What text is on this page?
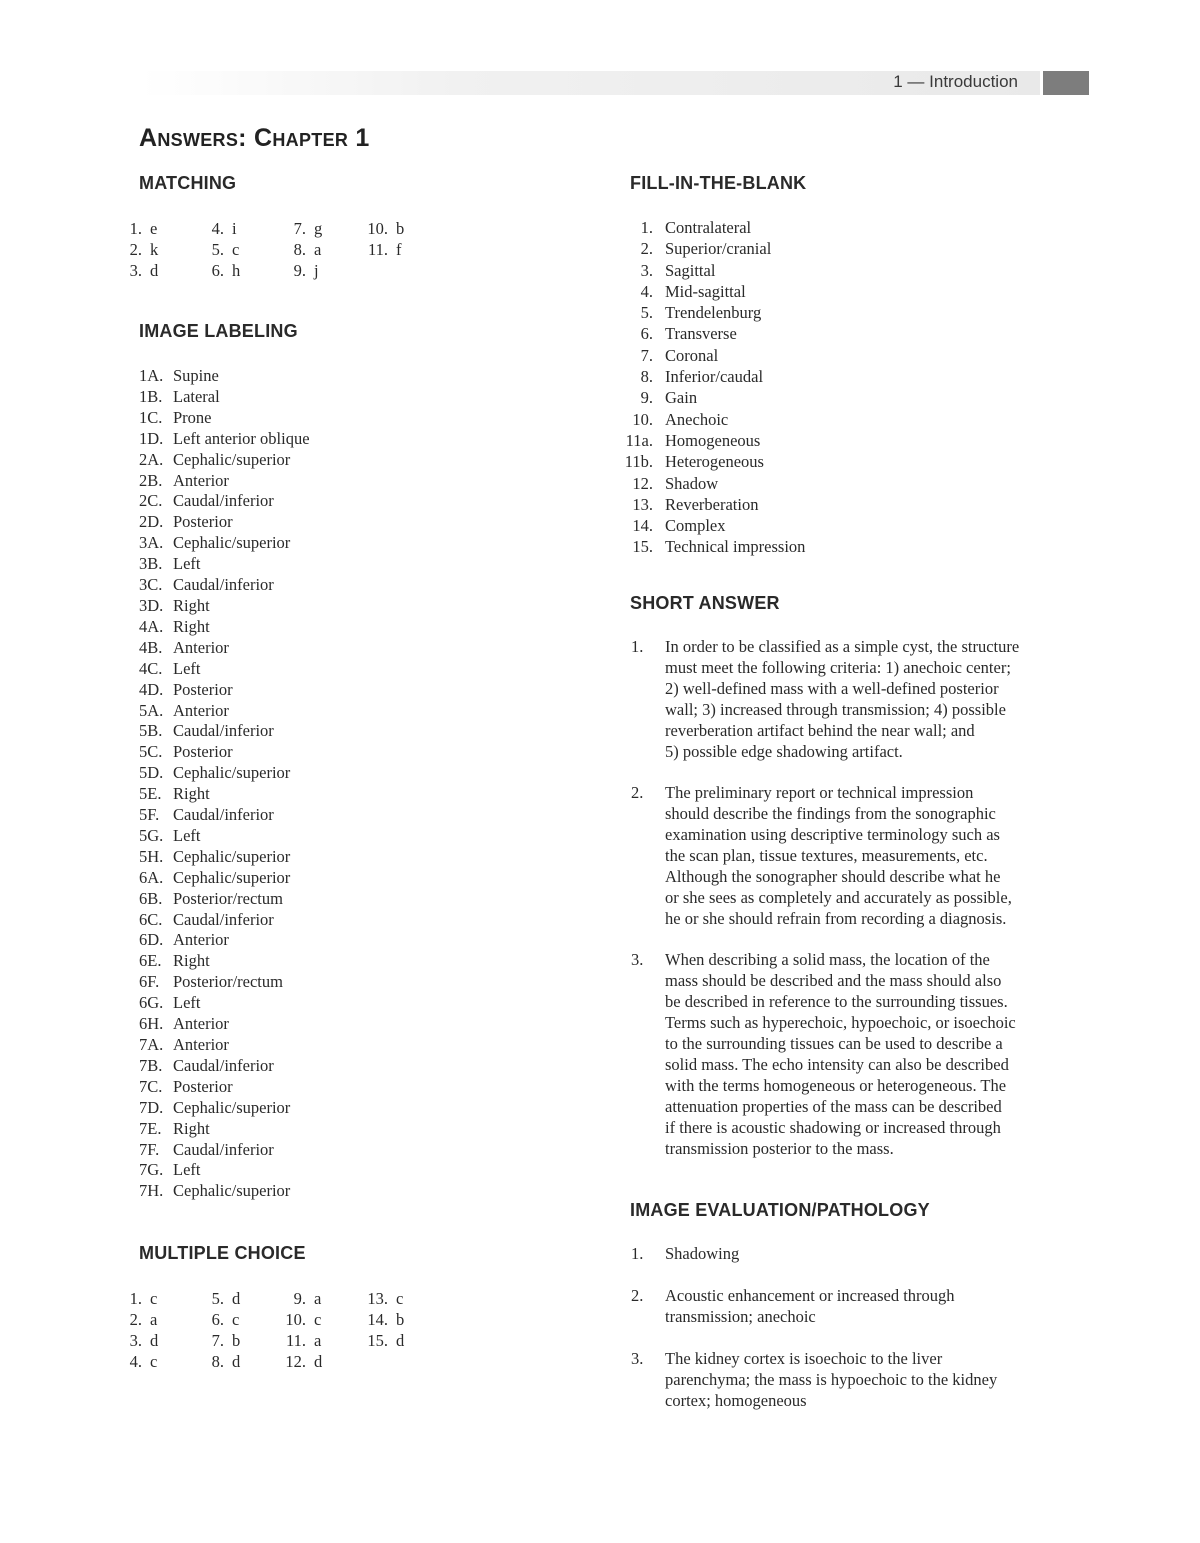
1 — Introduction
Answers: Chapter 1
MATCHING
1. e
2. k
3. d
4. i
5. c
6. h
7. g
8. a
9. j
10. b
11. f
IMAGE LABELING
1A. Supine
1B. Lateral
1C. Prone
1D. Left anterior oblique
2A. Cephalic/superior
2B. Anterior
2C. Caudal/inferior
2D. Posterior
3A. Cephalic/superior
3B. Left
3C. Caudal/inferior
3D. Right
4A. Right
4B. Anterior
4C. Left
4D. Posterior
5A. Anterior
5B. Caudal/inferior
5C. Posterior
5D. Cephalic/superior
5E. Right
5F. Caudal/inferior
5G. Left
5H. Cephalic/superior
6A. Cephalic/superior
6B. Posterior/rectum
6C. Caudal/inferior
6D. Anterior
6E. Right
6F. Posterior/rectum
6G. Left
6H. Anterior
7A. Anterior
7B. Caudal/inferior
7C. Posterior
7D. Cephalic/superior
7E. Right
7F. Caudal/inferior
7G. Left
7H. Cephalic/superior
MULTIPLE CHOICE
1. c
2. a
3. d
4. c
5. d
6. c
7. b
8. d
9. a
10. c
11. a
12. d
13. c
14. b
15. d
FILL-IN-THE-BLANK
1. Contralateral
2. Superior/cranial
3. Sagittal
4. Mid-sagittal
5. Trendelenburg
6. Transverse
7. Coronal
8. Inferior/caudal
9. Gain
10. Anechoic
11a. Homogeneous
11b. Heterogeneous
12. Shadow
13. Reverberation
14. Complex
15. Technical impression
SHORT ANSWER
1.	In order to be classified as a simple cyst, the structure
must meet the following criteria: 1) anechoic center;
2) well-defined mass with a well-defined posterior
wall; 3) increased through transmission; 4) possible
reverberation artifact behind the near wall; and
5) possible edge shadowing artifact.
2.	The preliminary report or technical impression
should describe the findings from the sonographic
examination using descriptive terminology such as
the scan plan, tissue textures, measurements, etc.
Although the sonographer should describe what he
or she sees as completely and accurately as possible,
he or she should refrain from recording a diagnosis.
3.	When describing a solid mass, the location of the
mass should be described and the mass should also
be described in reference to the surrounding tissues.
Terms such as hyperechoic, hypoechoic, or isoechoic
to the surrounding tissues can be used to describe a
solid mass. The echo intensity can also be described
with the terms homogeneous or heterogeneous. The
attenuation properties of the mass can be described
if there is acoustic shadowing or increased through
transmission posterior to the mass.
IMAGE EVALUATION/PATHOLOGY
1.	Shadowing
2.	Acoustic enhancement or increased through
transmission; anechoic
3.	The kidney cortex is isoechoic to the liver
parenchyma; the mass is hypoechoic to the kidney
cortex; homogeneous
